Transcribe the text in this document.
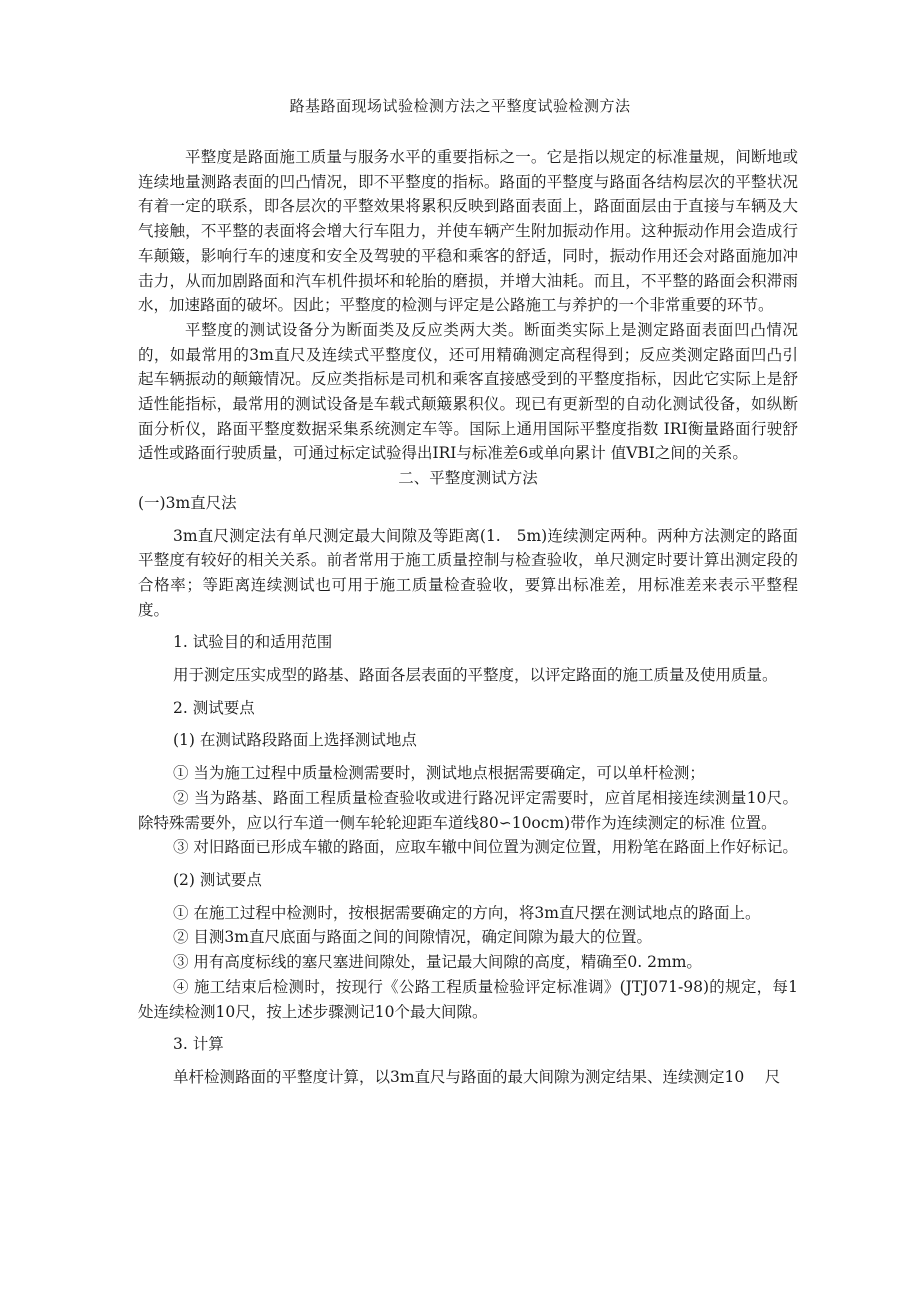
路基路面现场试验检测方法之平整度试验检测方法

平整度是路面施工质量与服务水平的重要指标之一。它是指以规定的标准量规，间断地或连续地量测路表面的凹凸情况，即不平整度的指标。路面的平整度与路面各结构层次的平整状况有着一定的联系，即各层次的平整效果将累积反映到路面表面上，路面面层由于直接与车辆及大气接触，不平整的表面将会增大行车阻力，并使车辆产生附加振动作用。这种振动作用会造成行车颠簸，影响行车的速度和安全及驾驶的平稳和乘客的舒适，同时，振动作用还会对路面施加冲击力，从而加剧路面和汽车机件损坏和轮胎的磨损，并增大油耗。而且，不平整的路面会积滞雨水，加速路面的破坏。因此；平整度的检测与评定是公路施工与养护的一个非常重要的环节。

平整度的测试设备分为断面类及反应类两大类。断面类实际上是测定路面表面凹凸情况的，如最常用的3m直尺及连续式平整度仪，还可用精确测定高程得到；反应类测定路面凹凸引起车辆振动的颠簸情况。反应类指标是司机和乘客直接感受到的平整度指标，因此它实际上是舒适性能指标，最常用的测试设备是车载式颠簸累积仪。现已有更新型的自动化测试役备，如纵断面分析仪，路面平整度数据采集系统测定车等。国际上通用国际平整度指数 IRI衡量路面行驶舒适性或路面行驶质量，可通过标定试验得出IRI与标准差6或单向累计 值VBI之间的关系。

二、平整度测试方法

(一)3m直尺法

3m直尺测定法有单尺测定最大间隙及等距离(1.　5m)连续测定两种。两种方法测定的路面平整度有较好的相关关系。前者常用于施工质量控制与检查验收，单尺测定时要计算出测定段的合格率；等距离连续测试也可用于施工质量检查验收，要算出标准差，用标准差来表示平整程度。

1. 试验目的和适用范围

用于测定压实成型的路基、路面各层表面的平整度，以评定路面的施工质量及使用质量。

2. 测试要点

(1) 在测试路段路面上选择测试地点

① 当为施工过程中质量检测需要时，测试地点根据需要确定，可以单杆检测；

② 当为路基、路面工程质量检查验收或进行路况评定需要时，应首尾相接连续测量10尺。除特殊需要外，应以行车道一侧车轮轮迎距车道线80∽10ocm)带作为连续测定的标准 位置。

③ 对旧路面已形成车辙的路面，应取车辙中间位置为测定位置，用粉笔在路面上作好标记。

(2) 测试要点

① 在施工过程中检测时，按根据需要确定的方向，将3m直尺摆在测试地点的路面上。

② 目测3m直尺底面与路面之间的间隙情况，确定间隙为最大的位置。

③ 用有高度标线的塞尺塞进间隙处，量记最大间隙的高度，精确至0. 2mm。

④ 施工结束后检测时，按现行《公路工程质量检验评定标准调》(JTJ071-98)的规定，每1处连续检测10尺，按上述步骤测记10个最大间隙。

3. 计算

单杆检测路面的平整度计算，以3m直尺与路面的最大间隙为测定结果、连续测定10　 尺
